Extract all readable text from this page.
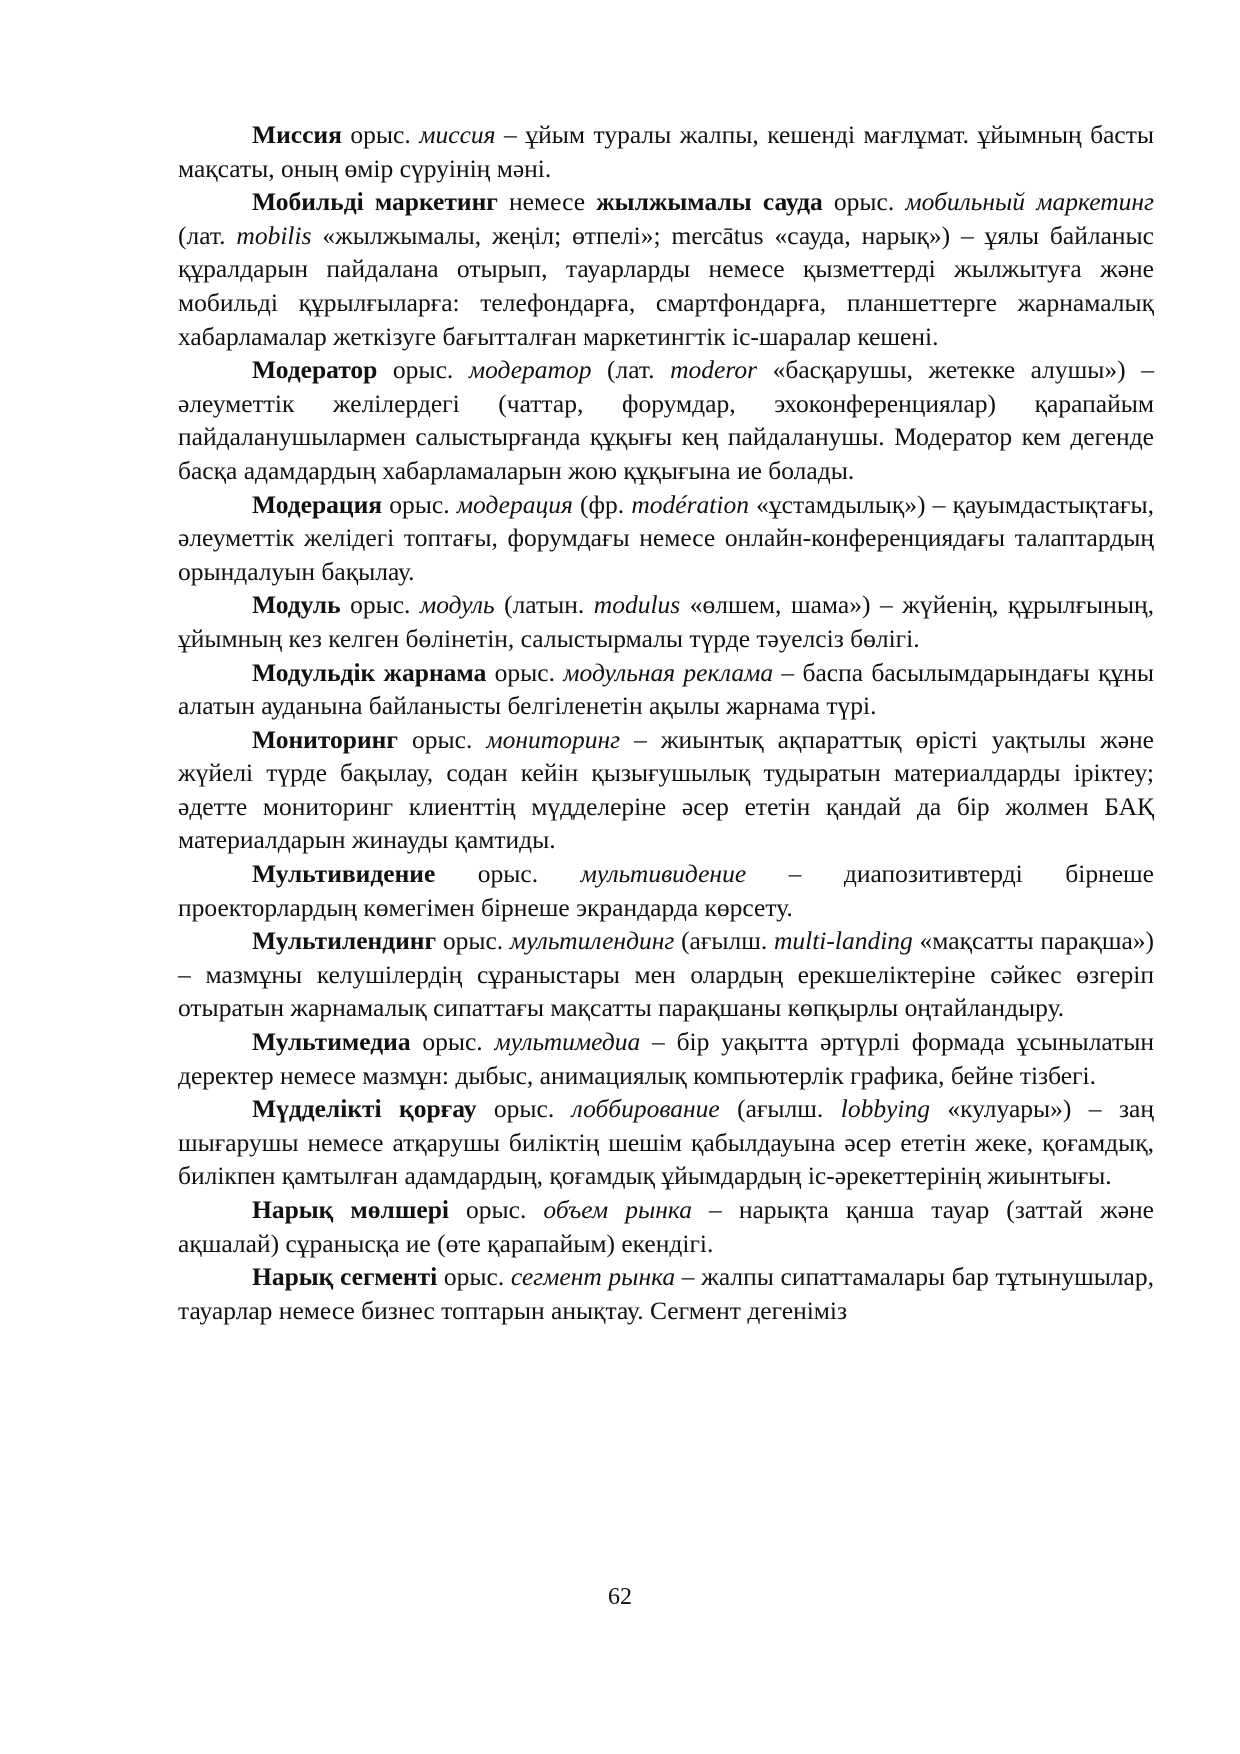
Миссия орыс. миссия – ұйым туралы жалпы, кешенді мағлұмат. ұйымның басты мақсаты, оның өмір сүруінің мәні.

Мобильді маркетинг немесе жылжымалы сауда орыс. мобильный маркетинг (лат. mobilis «жылжымалы, жеңіл; өтпелі»; mercātus «сауда, нарық») – ұялы байланыс құралдарын пайдалана отырып, тауарларды немесе қызметтерді жылжытуға және мобильді құрылғыларға: телефондарға, смартфондарға, планшеттерге жарнамалық хабарламалар жеткізуге бағытталған маркетингтік іс-шаралар кешені.

Модератор орыс. модератор (лат. moderor «басқарушы, жетекке алушы») – әлеуметтік желілердегі (чаттар, форумдар, эхоконференциялар) қарапайым пайдаланушылармен салыстырғанда құқығы кең пайдаланушы. Модератор кем дегенде басқа адамдардың хабарламаларын жою құқығына ие болады.

Модерация орыс. модерация (фр. modération «ұстамдылық») – қауымдастықтағы, әлеуметтік желідегі топтағы, форумдағы немесе онлайн-конференциядағы талаптардың орындалуын бақылау.

Модуль орыс. модуль (латын. modulus «өлшем, шама») – жүйенің, құрылғының, ұйымның кез келген бөлінетін, салыстырмалы түрде тәуелсіз бөлігі.

Модульдік жарнама орыс. модульная реклама – баспа басылымдарындағы құны алатын ауданына байланысты белгіленетін ақылы жарнама түрі.

Мониторинг орыс. мониторинг – жиынтық ақпараттық өрісті уақтылы және жүйелі түрде бақылау, содан кейін қызығушылық тудыратын материалдарды іріктеу; әдетте мониторинг клиенттің мүдделеріне әсер ететін қандай да бір жолмен БАҚ материалдарын жинауды қамтиды.

Мультивидение орыс. мультивидение – диапозитивтерді бірнеше проекторлардың көмегімен бірнеше экрандарда көрсету.

Мультилендинг орыс. мультилендинг (ағылш. multi-landing «мақсатты парақша») – мазмұны келушілердің сұраныстары мен олардың ерекшеліктеріне сәйкес өзгеріп отыратын жарнамалық сипаттағы мақсатты парақшаны көпқырлы оңтайландыру.

Мультимедиа орыс. мультимедиа – бір уақытта әртүрлі формада ұсынылатын деректер немесе мазмұн: дыбыс, анимациялық компьютерлік графика, бейне тізбегі.

Мүдделікті қорғау орыс. лоббирование (ағылш. lobbying «кулуары») – заң шығарушы немесе атқарушы биліктің шешім қабылдауына әсер ететін жеке, қоғамдық, билікпен қамтылған адамдардың, қоғамдық ұйымдардың іс-әрекеттерінің жиынтығы.

Нарық мөлшері орыс. объем рынка – нарықта қанша тауар (заттай және ақшалай) сұранысқа ие (өте қарапайым) екендігі.

Нарық сегменті орыс. сегмент рынка – жалпы сипаттамалары бар тұтынушылар, тауарлар немесе бизнес топтарын анықтау. Сегмент дегеніміз

62
